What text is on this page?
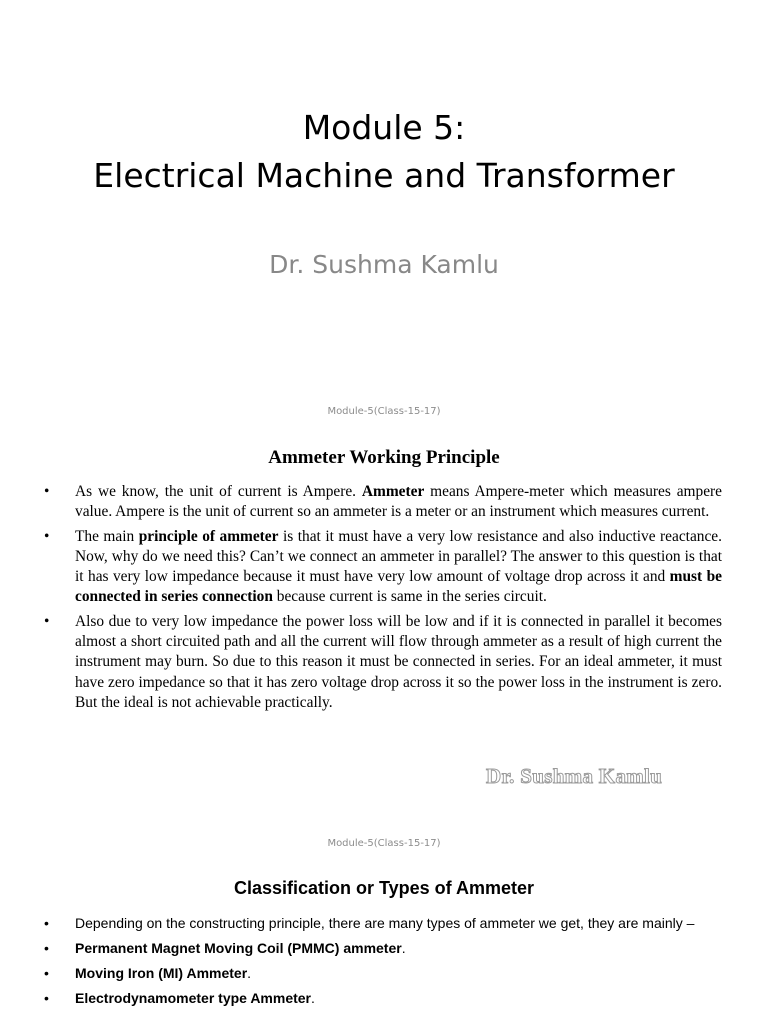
Module 5:
Electrical Machine and Transformer
Dr. Sushma Kamlu
Module-5(Class-15-17)
Ammeter Working Principle
• As we know, the unit of current is Ampere. Ammeter means Ampere-meter which measures ampere value. Ampere is the unit of current so an ammeter is a meter or an instrument which measures current.
• The main principle of ammeter is that it must have a very low resistance and also inductive reactance. Now, why do we need this? Can’t we connect an ammeter in parallel? The answer to this question is that it has very low impedance because it must have very low amount of voltage drop across it and must be connected in series connection because current is same in the series circuit.
• Also due to very low impedance the power loss will be low and if it is connected in parallel it becomes almost a short circuited path and all the current will flow through ammeter as a result of high current the instrument may burn. So due to this reason it must be connected in series. For an ideal ammeter, it must have zero impedance so that it has zero voltage drop across it so the power loss in the instrument is zero. But the ideal is not achievable practically.
Dr. Sushma Kamlu
Module-5(Class-15-17)
Classification or Types of Ammeter
• Depending on the constructing principle, there are many types of ammeter we get, they are mainly –
• Permanent Magnet Moving Coil (PMMC) ammeter.
• Moving Iron (MI) Ammeter.
• Electrodynamometer type Ammeter.
